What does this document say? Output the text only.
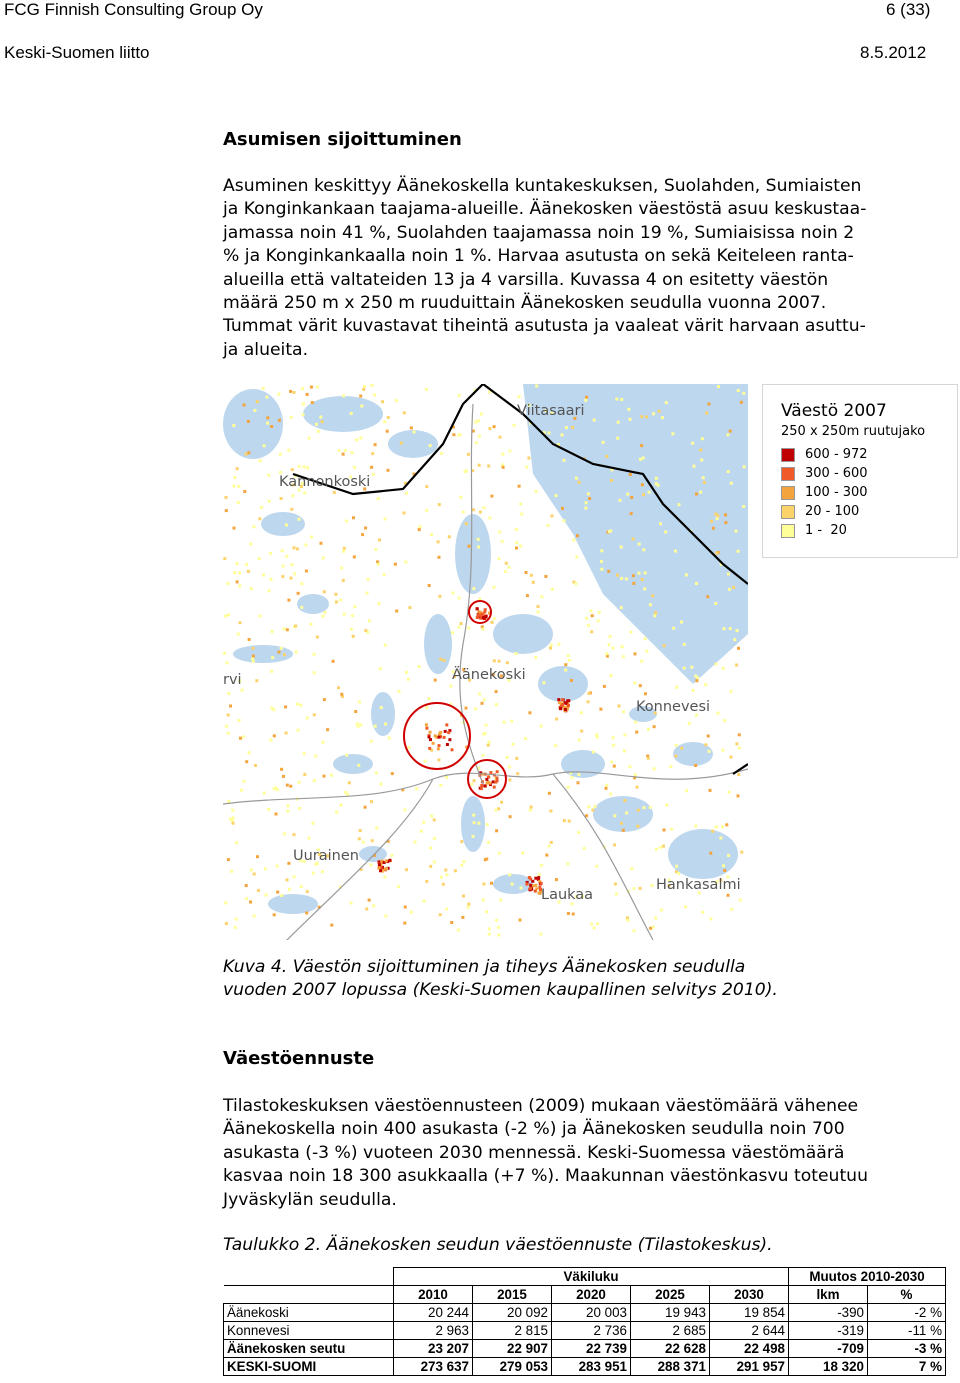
FCG Finnish Consulting Group Oy	6 (33)
Keski-Suomen liitto	8.5.2012
Asumisen sijoittuminen

Asuminen keskittyy Äänekoskella kuntakeskuksen, Suolahden, Sumiaisten

ja Konginkankaan taajama-alueille. Äänekosken väestöstä asuu keskustaa-

jamassa noin 41 %, Suolahden taajamassa noin 19 %, Sumiaisissa noin 2

% ja Konginkankaalla noin 1 %. Harvaa asutusta on sekä Keiteleen ranta-

alueilla että valtateiden 13 ja 4 varsilla. Kuvassa 4 on esitetty väestön

määrä 250 m x 250 m ruuduittain Äänekosken seudulla vuonna 2007.

Tummat värit kuvastavat tiheintä asutusta ja vaaleat värit harvaan asuttu-

ja alueita.

Viitasaari
Kannonkoski
Äänekoski
rvi
Konnevesi
Uurainen
Laukaa
Hankasalmi
Väestö 2007
250 x 250m ruutujako
600 - 972
300 - 600
100 - 300
20 - 100
1 -  20
Kuva 4. Väestön sijoittuminen ja tiheys Äänekosken seudulla
vuoden 2007 lopussa (Keski-Suomen kaupallinen selvitys 2010).
Väestöennuste

Tilastokeskuksen väestöennusteen (2009) mukaan väestömäärä vähenee

Äänekoskella noin 400 asukasta (-2 %) ja Äänekosken seudulla noin 700

asukasta (-3 %) vuoteen 2030 mennessä. Keski-Suomessa väestömäärä

kasvaa noin 18 300 asukkaalla (+7 %). Maakunnan väestönkasvu toteutuu

Jyväskylän seudulla.

Taulukko 2. Äänekosken seudun väestöennuste (Tilastokeskus).
	Väkiluku					Muutos 2010-2030	
	2010	2015	2020	2025	2030	lkm	%
Äänekoski	20 244	20 092	20 003	19 943	19 854	-390	-2 %
Konnevesi	2 963	2 815	2 736	2 685	2 644	-319	-11 %
Äänekosken seutu	23 207	22 907	22 739	22 628	22 498	-709	-3 %
KESKI-SUOMI	273 637	279 053	283 951	288 371	291 957	18 320	7 %
